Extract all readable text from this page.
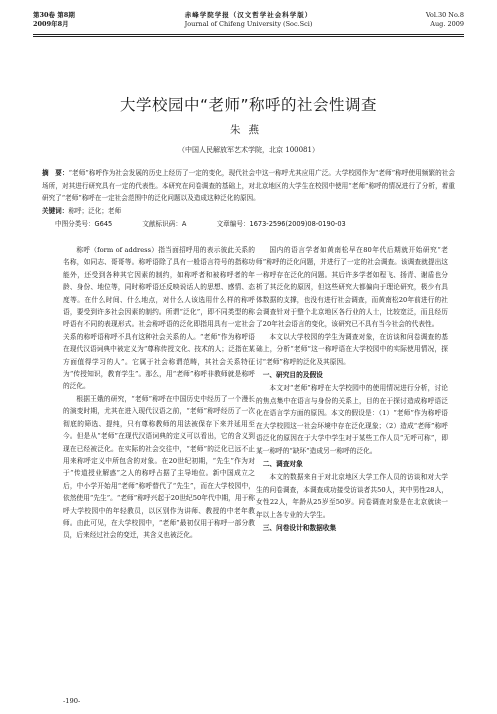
第30卷 第8期
2009年8月
赤峰学院学报（汉文哲学社会科学版）
Journal of Chifeng University (Soc.Sci)
Vol.30 No.8
Aug. 2009
大学校园中“老师”称呼的社会性调查
朱燕
（中国人民解放军艺术学院，北京 100081）
摘　要：“老师”称呼作为社会发展的历史上经历了一定的变化，现代社会中这一称呼尤其应用广泛。大学校园作为“老师”称呼使用频繁的社会场所，对其进行研究具有一定的代表性。本研究在问卷调查的基础上，对北京地区的大学生在校园中使用“老师”称呼的情况进行了分析，着重研究了“老师”称呼在一定社会范围中的泛化问题以及造成这种泛化的原因。
关键词：称呼；泛化；老师
中图分类号：G645	文献标识码：A	文章编号：1673-2596(2009)08-0190-03

称呼（form of address）指当面招呼用的表示彼此关系的名称，如同志、哥哥等。称呼语除了具有一般语言符号的指称功能外，还受到各种其它因素的制约，如称呼者和被称呼者的年龄、身份、地位等，同时称呼语还反映说话人的思想、感情、态度等。在什么时间、什么地点，对什么人该选用什么样的称呼语，要受到许多社会因素的制约。所谓“泛化”，即不同类型的称呼语有不同的表现形式。社会称呼语的泛化即指用具有一定社会关系的称呼语称呼不具有这种社会关系的人。“老师”作为称呼语在现代汉语词典中被定义为“尊称传授文化、技术的人；泛指在某方面值得学习的人”。它属于社会称谓范畴，其社会关系特征为“传授知识，教育学生”。那么，用“老师”称呼非教师就是称呼的泛化。

根据王娥的研究，“老师”称呼在中国历史中经历了一个漫长的演变时期，尤其在进入现代汉语之前，“老师”称呼经历了一次彻底的筛选、提纯，只有尊称教师的用法被保存下来并延用至今。但是从“老师”在现代汉语词典的定义可以看出，它的含义到现在已经被泛化。在实际的社会交往中，“老师”的泛化已远不止用来称呼定义中所包含的对象。在20世纪初期，“先生”作为对于“传道授业解惑”之人的称呼占据了主导地位。新中国成立之后，中小学开始用“老师”称呼替代了“先生”，而在大学校园中，依然使用“先生”。“老师”称呼兴起于20世纪50年代中期，用于称呼大学校园中的年轻教员，以区别作为讲师、教授的中老年教师。由此可见，在大学校园中，“老师”最初仅用于称呼一部分教员，后来经过社会的变迁，其含义也被泛化。

国内的语言学者如黄南松早在80年代后期就开始研究“老师”称呼的泛化问题，并进行了一定的社会调查。该调查就提出这一称呼存在泛化的问题。其后许多学者如程飞、扬青、谢盾也分析了其泛化的原因，但这些研究大都偏向于理论研究，极少有具体数据的支撑，也没有进行社会调查，而黄南松20年前进行的社会调查针对于整个北京地区各行业的人士，比较宽泛，而且经历了20年社会语言的变化，该研究已不具有当今社会的代表性。

本文以大学校园的学生为调查对象，在访谈和问卷调查的基础上，分析“老师”这一称呼语在大学校园中的实际使用情况，探讨“老师”称呼的泛化及其原因。

一、研究目的及假设

本文对“老师”称呼在大学校园中的使用情况进行分析，讨论的焦点集中在语言与身份的关系上，目的在于探讨造成称呼语泛化在语言学方面的原因。本文的假设是：（1）“老师”作为称呼语在大学校园这一社会环境中存在泛化现象；（2）造成“老师”称呼语泛化的原因在于大学中学生对于某些工作人员“无呼可称”，即某一称呼的“缺环”造成另一称呼的泛化。

二、调查对象

本文的数据来自于对北京地区大学工作人员的访谈和对大学生的问卷调查，本调查成功接受访谈者共50人，其中男性28人，女性22人，年龄从25岁至50岁。问卷调查对象是在北京就读一年以上各专业的大学生。

三、问卷设计和数据收集
-190-
